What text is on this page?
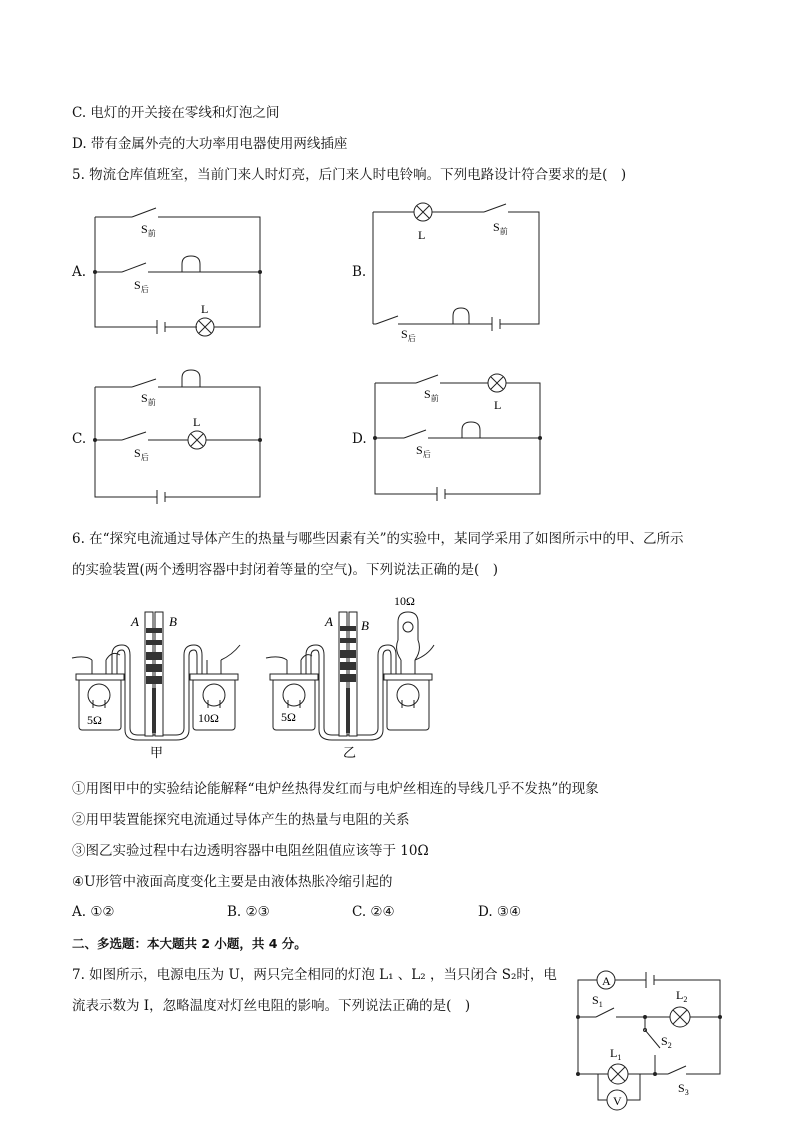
C. 电灯的开关接在零线和灯泡之间
D. 带有金属外壳的大功率用电器使用两线插座
5. 物流仓库值班室，当前门来人时灯亮，后门来人时电铃响。下列电路设计符合要求的是(　)
A.	B.
C.	D.
$S_前$
$S_后$
L
L
$S_前$
$S_后$
$S_前$
L
$S_后$
$S_前$	L
$S_后$
6. 在“探究电流通过导体产生的热量与哪些因素有关”的实验中，某同学采用了如图所示中的甲、乙所示
的实验装置(两个透明容器中封闭着等量的空气)。下列说法正确的是(　)
A B
5Ω	10Ω
甲
A B
5Ω
10Ω
乙
①用图甲中的实验结论能解释“电炉丝热得发红而与电炉丝相连的导线几乎不发热”的现象
②用甲装置能探究电流通过导体产生的热量与电阻的关系
③图乙实验过程中右边透明容器中电阻丝阻值应该等于 10Ω
④U形管中液面高度变化主要是由液体热胀冷缩引起的
A. ①②	B. ②③	C. ②④	D. ③④
二、多选题：本大题共 2 小题，共 4 分。
7. 如图所示，电源电压为 U，两只完全相同的灯泡 L₁ 、L₂ ，当只闭合 S₂时，电
流表示数为 I，忽略温度对灯丝电阻的影响。下列说法正确的是(　)
A
V
$S_1$
$L_2$
$S_2$
$L_1$
$S_3$
